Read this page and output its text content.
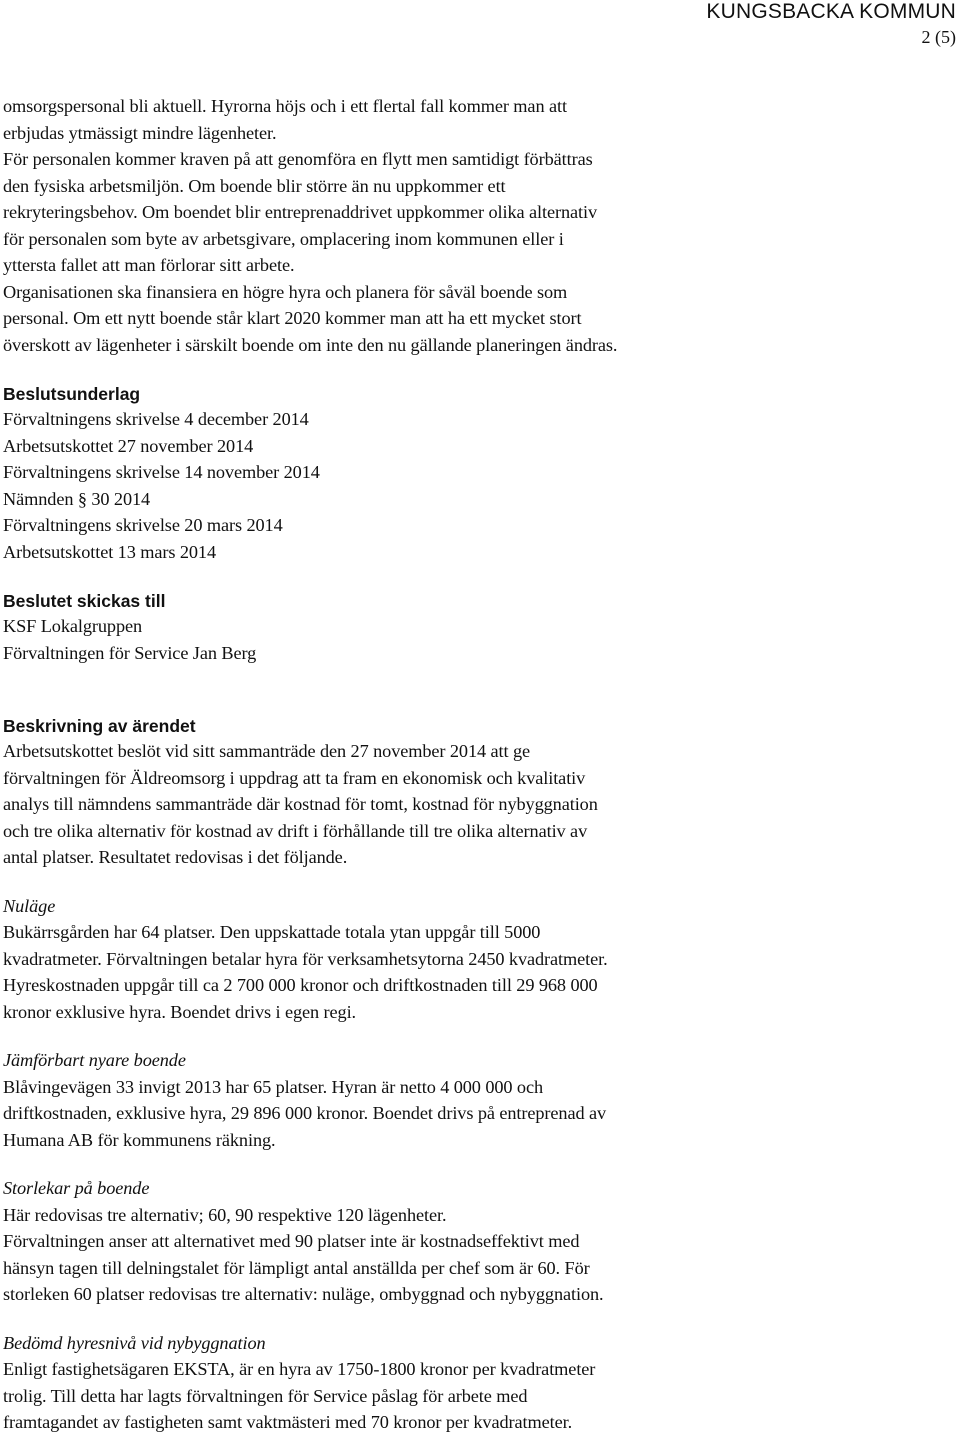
KUNGSBACKA KOMMUN
2 (5)
omsorgspersonal bli aktuell. Hyrorna höjs och i ett flertal fall kommer man att
erbjudas ytmässigt mindre lägenheter.
För personalen kommer kraven på att genomföra en flytt men samtidigt förbättras
den fysiska arbetsmiljön. Om boende blir större än nu uppkommer ett
rekryteringsbehov. Om boendet blir entreprenaddrivet uppkommer olika alternativ
för personalen som byte av arbetsgivare, omplacering inom kommunen eller i
yttersta fallet att man förlorar sitt arbete.
Organisationen ska finansiera en högre hyra och planera för såväl boende som
personal. Om ett nytt boende står klart 2020 kommer man att ha ett mycket stort
överskott av lägenheter i särskilt boende om inte den nu gällande planeringen ändras.
Beslutsunderlag
Förvaltningens skrivelse 4 december 2014
Arbetsutskottet 27 november 2014
Förvaltningens skrivelse 14 november 2014
Nämnden § 30 2014
Förvaltningens skrivelse 20 mars 2014
Arbetsutskottet 13 mars 2014
Beslutet skickas till
KSF Lokalgruppen
Förvaltningen för Service Jan Berg
Beskrivning av ärendet
Arbetsutskottet beslöt vid sitt sammanträde den 27 november 2014 att ge
förvaltningen för Äldreomsorg i uppdrag att ta fram en ekonomisk och kvalitativ
analys till nämndens sammanträde där kostnad för tomt, kostnad för nybyggnation
och tre olika alternativ för kostnad av drift i förhållande till tre olika alternativ av
antal platser. Resultatet redovisas i det följande.
Nuläge
Bukärrsgården har 64 platser. Den uppskattade totala ytan uppgår till 5000
kvadratmeter. Förvaltningen betalar hyra för verksamhetsytorna 2450 kvadratmeter.
Hyreskostnaden uppgår till ca 2 700 000 kronor och driftkostnaden till 29 968 000
kronor exklusive hyra. Boendet drivs i egen regi.
Jämförbart nyare boende
Blåvingevägen 33 invigt 2013 har 65 platser. Hyran är netto 4 000 000 och
driftkostnaden, exklusive hyra, 29 896 000 kronor. Boendet drivs på entreprenad av
Humana AB för kommunens räkning.
Storlekar på boende
Här redovisas tre alternativ; 60, 90 respektive 120 lägenheter.
Förvaltningen anser att alternativet med 90 platser inte är kostnadseffektivt med
hänsyn tagen till delningstalet för lämpligt antal anställda per chef som är 60. För
storleken 60 platser redovisas tre alternativ: nuläge, ombyggnad och nybyggnation.
Bedömd hyresnivå vid nybyggnation
Enligt fastighetsägaren EKSTA, är en hyra av 1750-1800 kronor per kvadratmeter
trolig. Till detta har lagts förvaltningen för Service påslag för arbete med
framtagandet av fastigheten samt vaktmästeri med 70 kronor per kvadratmeter.
